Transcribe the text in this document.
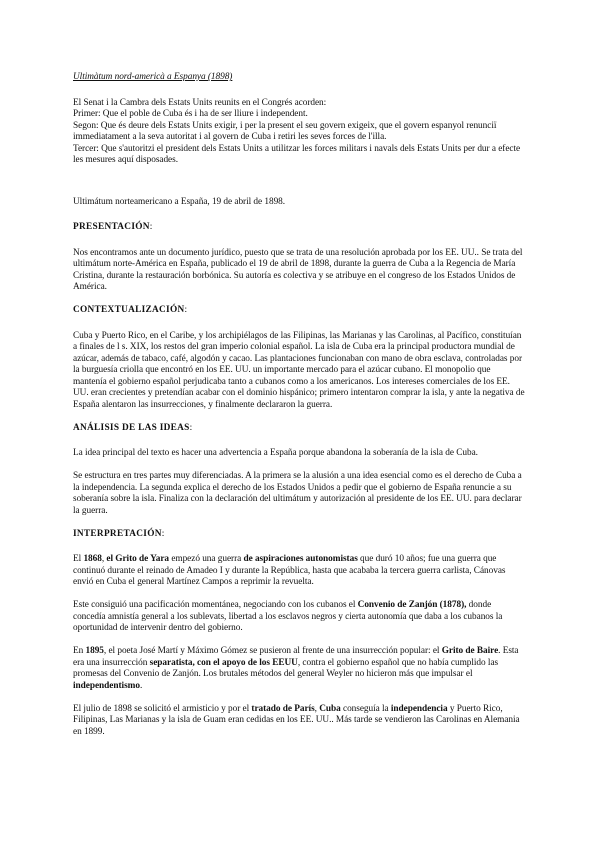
Ultimàtum nord-americà a Espanya (1898)
El Senat i la Cambra dels Estats Units reunits en el Congrés acorden:
Primer: Que el poble de Cuba és i ha de ser lliure i independent.
Segon: Que és deure dels Estats Units exigir, i per la present el seu govern exigeix, que el govern espanyol renunciï immediatament a la seva autoritat i al govern de Cuba i retiri les seves forces de l'illa.
Tercer: Que s'autoritzi el president dels Estats Units a utilitzar les forces militars i navals dels Estats Units per dur a efecte les mesures aquí disposades.
Ultimátum norteamericano a España, 19 de abril de 1898.
PRESENTACIÓN:

Nos encontramos ante un documento jurídico, puesto que se trata de una resolución aprobada por los EE. UU.. Se trata del ultimátum norte-América en España, publicado el 19 de abril de 1898, durante la guerra de Cuba a la Regencia de María Cristina, durante la restauración borbónica. Su autoría es colectiva y se atribuye en el congreso de los Estados Unidos de América.

CONTEXTUALIZACIÓN:

Cuba y Puerto Rico, en el Caribe, y los archipiélagos de las Filipinas, las Marianas y las Carolinas, al Pacífico, constituían a finales de l s. XIX, los restos del gran imperio colonial español. La isla de Cuba era la principal productora mundial de azúcar, además de tabaco, café, algodón y cacao. Las plantaciones funcionaban con mano de obra esclava, controladas por la burguesía criolla que encontró en los EE. UU. un importante mercado para el azúcar cubano. El monopolio que mantenía el gobierno español perjudicaba tanto a cubanos como a los americanos. Los intereses comerciales de los EE. UU. eran crecientes y pretendían acabar con el dominio hispánico; primero intentaron comprar la isla, y ante la negativa de España alentaron las insurrecciones, y finalmente declararon la guerra.

ANÁLISIS DE LAS IDEAS:

La idea principal del texto es hacer una advertencia a España porque abandona la soberanía de la isla de Cuba.

Se estructura en tres partes muy diferenciadas. A la primera se la alusión a una idea esencial como es el derecho de Cuba a la independencia. La segunda explica el derecho de los Estados Unidos a pedir que el gobierno de España renuncie a su soberanía sobre la isla. Finaliza con la declaración del ultimátum y autorización al presidente de los EE. UU. para declarar la guerra.

INTERPRETACIÓN:

El 1868, el Grito de Yara empezó una guerra de aspiraciones autonomistas que duró 10 años; fue una guerra que continuó durante el reinado de Amadeo I y durante la República, hasta que acababa la tercera guerra carlista, Cánovas envió en Cuba el general Martínez Campos a reprimir la revuelta.

Este consiguió una pacificación momentánea, negociando con los cubanos el Convenio de Zanjón (1878), donde concedía amnistía general a los sublevats, libertad a los esclavos negros y cierta autonomía que daba a los cubanos la oportunidad de intervenir dentro del gobierno.

En 1895, el poeta José Martí y Máximo Gómez se pusieron al frente de una insurrección popular: el Grito de Baire. Esta era una insurrección separatista, con el apoyo de los EEUU, contra el gobierno español que no había cumplido las promesas del Convenio de Zanjón. Los brutales métodos del general Weyler no hicieron más que impulsar el independentismo.

El julio de 1898 se solicitó el armisticio y por el tratado de París, Cuba conseguía la independencia y Puerto Rico, Filipinas, Las Marianas y la isla de Guam eran cedidas en los EE. UU.. Más tarde se vendieron las Carolinas en Alemania en 1899.
